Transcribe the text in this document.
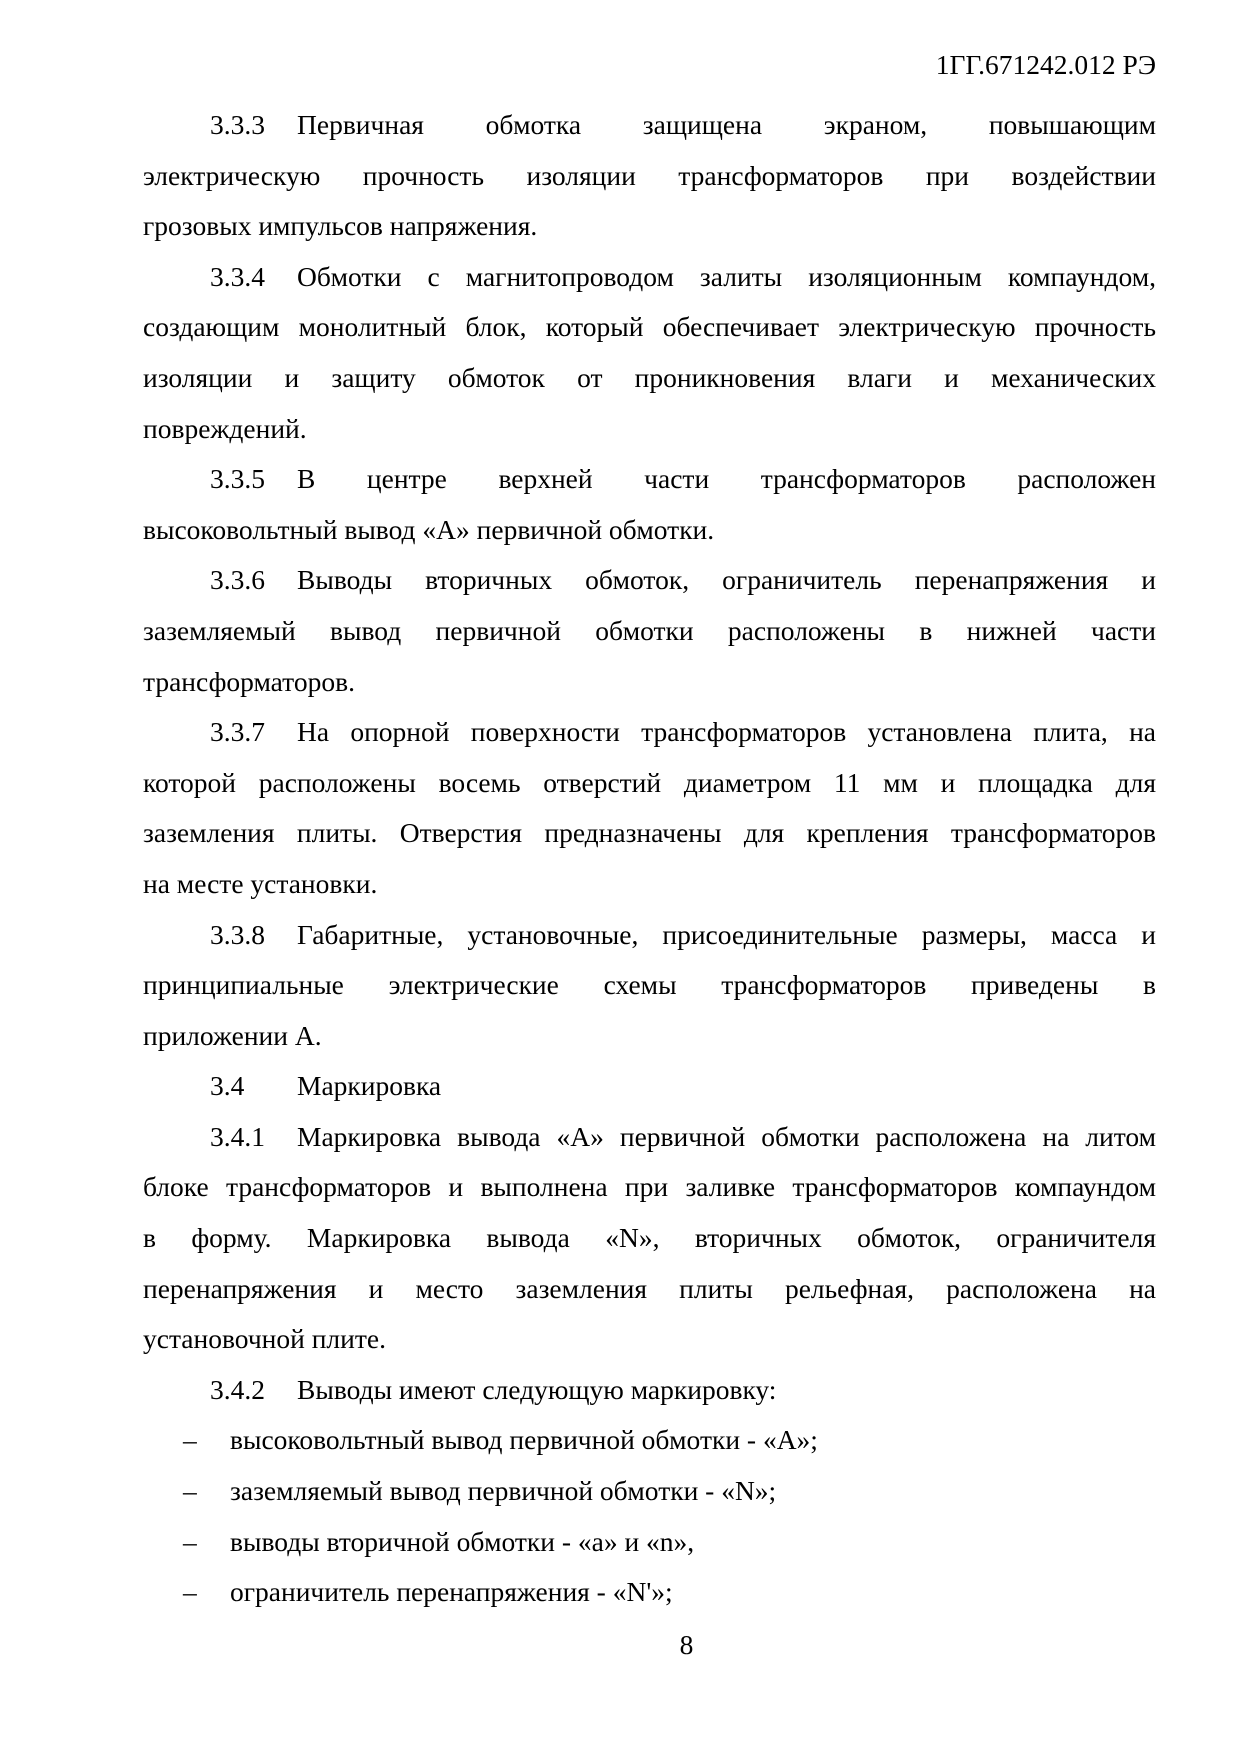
1ГГ.671242.012 РЭ
3.3.3 Первичная обмотка защищена экраном, повышающим
электрическую прочность изоляции трансформаторов при воздействии
грозовых импульсов напряжения.
3.3.4 Обмотки с магнитопроводом залиты изоляционным компаундом,
создающим монолитный блок, который обеспечивает электрическую прочность
изоляции и защиту обмоток от проникновения влаги и механических
повреждений.
3.3.5 В центре верхней части трансформаторов расположен
высоковольтный вывод «А» первичной обмотки.
3.3.6 Выводы вторичных обмоток, ограничитель перенапряжения и
заземляемый вывод первичной обмотки расположены в нижней части
трансформаторов.
3.3.7 На опорной поверхности трансформаторов установлена плита, на
которой расположены восемь отверстий диаметром 11 мм и площадка для
заземления плиты. Отверстия предназначены для крепления трансформаторов
на месте установки.
3.3.8 Габаритные, установочные, присоединительные размеры, масса и
принципиальные электрические схемы трансформаторов приведены в
приложении А.
3.4 Маркировка
3.4.1 Маркировка вывода «А» первичной обмотки расположена на литом
блоке трансформаторов и выполнена при заливке трансформаторов компаундом
в форму. Маркировка вывода «N», вторичных обмоток, ограничителя
перенапряжения и место заземления плиты рельефная, расположена на
установочной плите.
3.4.2 Выводы имеют следующую маркировку:
– высоковольтный вывод первичной обмотки - «А»;
– заземляемый вывод первичной обмотки - «N»;
– выводы вторичной обмотки - «а» и «n»,
– ограничитель перенапряжения - «N'»;
8
